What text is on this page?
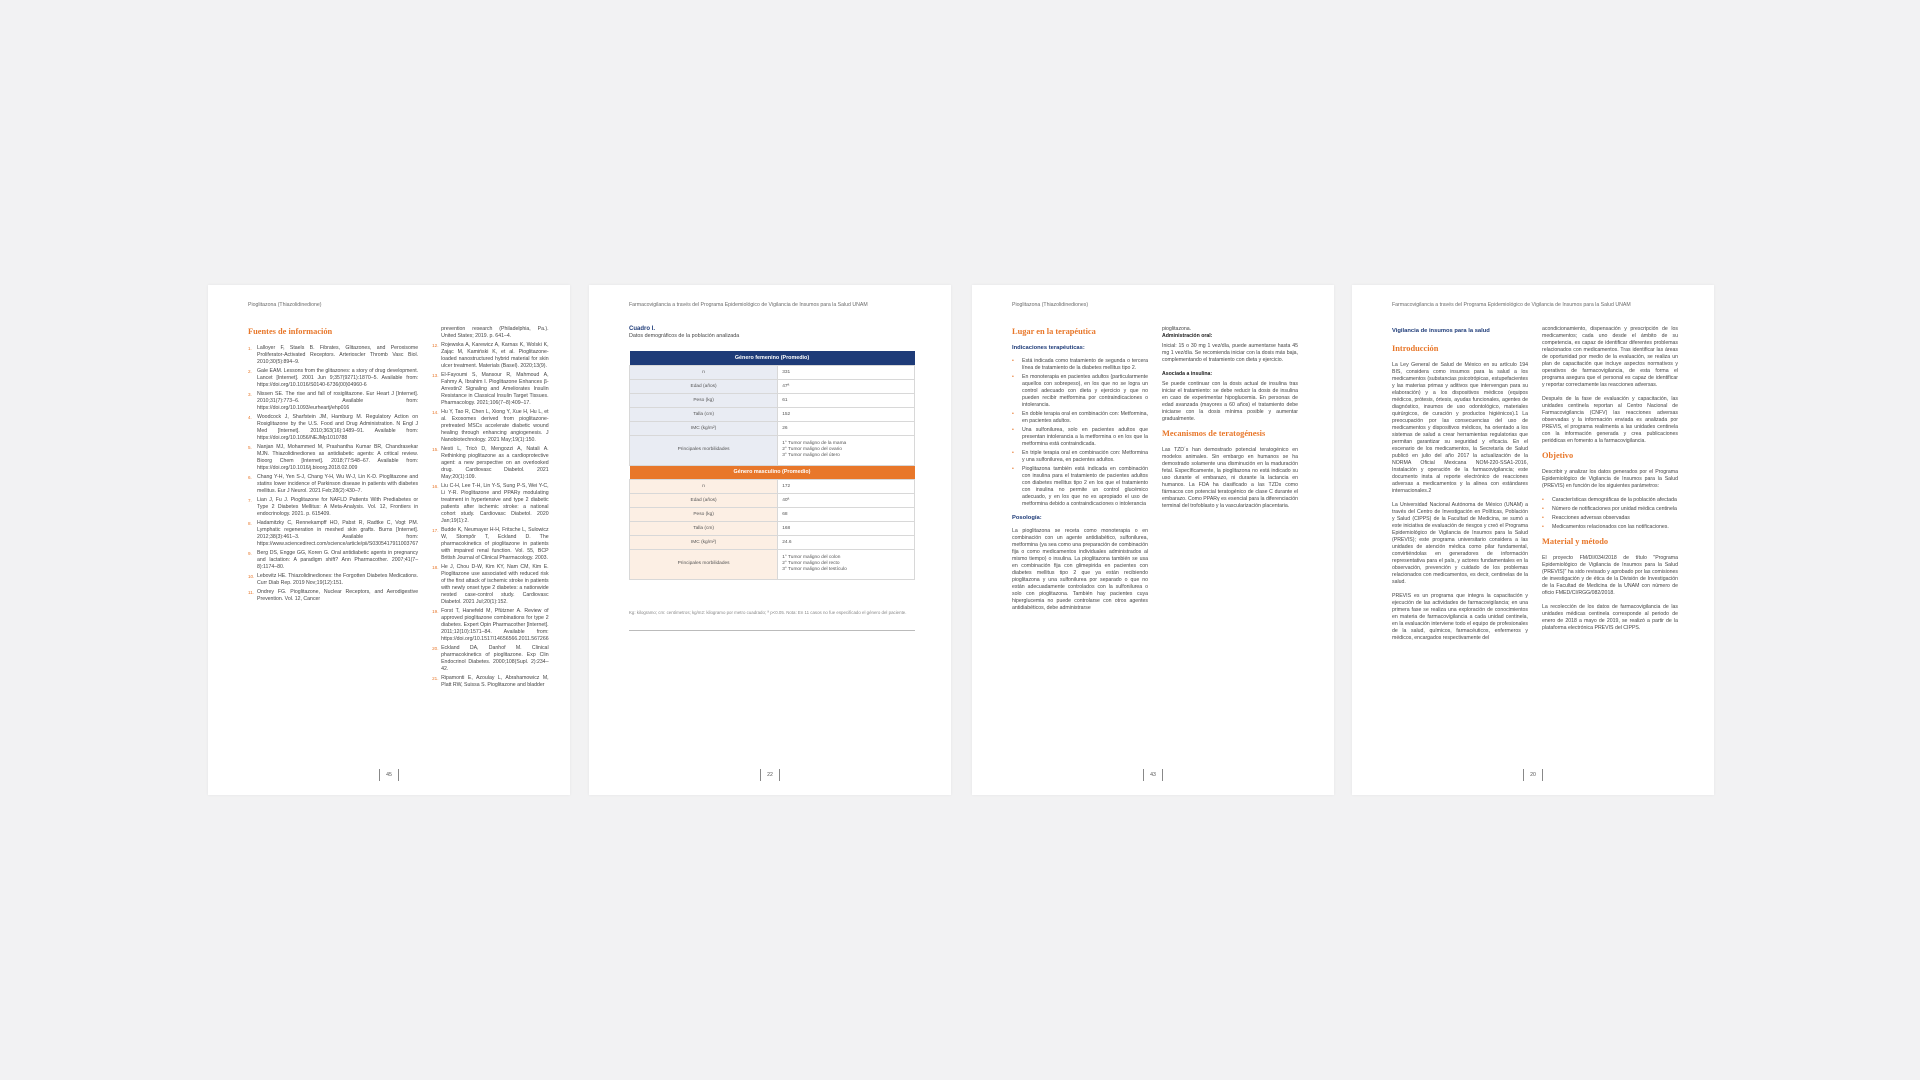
Pioglitazona (Thiazolidinedione)
Fuentes de información
1. Lalloyer F, Staels B. Fibrates, Glitazones, and Peroxisome Proliferator-Activated Receptors. Arterioscler Thromb Vasc Biol. 2010;30(5):894–9.
2. Gale EAM. Lessons from the glitazones: a story of drug development. Lancet [Internet]. 2001 Jun 9;357(9271):1870–5. Available from: https://doi.org/10.1016/S0140-6736(00)04960-6
3. Nissen SE. The rise and fall of rosiglitazone. Eur Heart J [Internet]. 2010;31(7):773–6. Available from: https://doi.org/10.1093/eurheartj/ehp016
4. Woodcock J, Sharfstein JM, Hamburg M. Regulatory Action on Rosiglitazone by the U.S. Food and Drug Administration. N Engl J Med [Internet]. 2010;363(16):1489–91. Available from: https://doi.org/10.1056/NEJMp1010788
5. Nanjan MJ, Mohammed M, Prashantha Kumar BR, Chandrasekar MJN. Thiazolidinediones as antidiabetic agents: A critical review. Bioorg Chem [Internet]. 2018;77:548–67. Available from: https://doi.org/10.1016/j.bioorg.2018.02.009
6. Chang Y-H, Yen S-J, Chang Y-H, Wu W-J, Lin K-D. Pioglitazone and statins lower incidence of Parkinson disease in patients with diabetes mellitus. Eur J Neurol. 2021 Feb;28(2):430–7.
7. Lian J, Fu J. Pioglitazone for NAFLD Patients With Prediabetes or Type 2 Diabetes Mellitus: A Meta-Analysis. Vol. 12, Frontiers in endocrinology. 2021. p. 615409.
8. Hadamitzky C, Rennekampff HO, Pabst R, Radtke C, Vogt PM. Lymphatic regeneration in meshed skin grafts. Burns [Internet]. 2012;38(3):461–3. Available from: https://www.sciencedirect.com/science/article/pii/S0305417911003767
9. Berg DS, Engge GG, Koren G. Oral antidiabetic agents in pregnancy and lactation: A paradigm shift? Ann Pharmacother. 2007;41(7–8):1174–80.
10. Lebovitz HE. Thiazolidinediones: the Forgotten Diabetes Medications. Curr Diab Rep. 2019 Nov;19(12):151.
11. Ondrey FG. Pioglitazone, Nuclear Receptors, and Aerodigestive Prevention. Vol. 12, Cancer
prevention research (Philadelphia, Pa.). United States; 2019. p. 641–4.
12. Rojewska A, Karewicz A, Karnas K, Wolski K, Zając M, Kamiński K, et al. Pioglitazone-loaded nanostructured hybrid material for skin ulcer treatment. Materials (Basel). 2020;13(9).
13. El-Fayoumi S, Mansour R, Mahmoud A, Fahmy A, Ibrahim I. Pioglitazone Enhances β-Arrestin2 Signaling and Ameliorates Insulin Resistance in Classical Insulin Target Tissues. Pharmacology. 2021;106(7–8):409–17.
14. Hu Y, Tao R, Chen L, Xiong Y, Xue H, Hu L, et al. Exosomes derived from pioglitazone-pretreated MSCs accelerate diabetic wound healing through enhancing angiogenesis. J Nanobiotechnology. 2021 May;19(1):150.
15. Nesti L, Tricò D, Mengozzi A, Natali A. Rethinking pioglitazone as a cardioprotective agent: a new perspective on an overlooked drug. Cardiovasc Diabetol. 2021 May;20(1):109.
16. Liu C-H, Lee T-H, Lin Y-S, Sung P-S, Wei Y-C, Li Y-R. Pioglitazone and PPARγ modulating treatment in hypertensive and type 2 diabetic patients after ischemic stroke: a national cohort study. Cardiovasc Diabetol. 2020 Jan;19(1):2.
17. Budde K, Neumayer H-H, Fritsche L, Sulowicz W, Stompôr T, Eckland D. The pharmacokinetics of pioglitazone in patients with impaired renal function. Vol. 55, BCP British Journal of Clinical Pharmacology. 2003.
18. He J, Chou D-W, Kim KY, Nam CM, Kim E. Pioglitazone use associated with reduced risk of the first attack of ischemic stroke in patients with newly onset type 2 diabetes: a nationwide nested case-control study. Cardiovasc Diabetol. 2021 Jul;20(1):152.
19. Forst T, Hanefeld M, Pfützner A. Review of approved pioglitazone combinations for type 2 diabetes. Expert Opin Pharmacother [Internet]. 2011;12(10):1571–84. Available from: https://doi.org/10.1517/14656566.2011.567266
20. Eckland DA, Danhof M. Clinical pharmacokinetics of pioglitazone. Exp Clin Endocrinol Diabetes. 2000;108(Supl. 2):234–42.
21. Ripamonti E, Azoulay L, Abrahamowicz M, Platt RW, Suissa S. Pioglitazone and bladder
45
Farmacovigilancia a través del Programa Epidemiológico de Vigilancia de Insumos para la Salud UNAM
Cuadro I.
Datos demográficos de la población analizada
Género femenino (Promedio)	
n	331
Edad (años)	47ª
Peso (kg)	61
Talla (cm)	152
IMC (kg/m²)	26
Principales morbilidades	1° Tumor maligno de la mama
2° Tumor maligno del ovario
3° Tumor maligno del útero
Género masculino (Promedio)	
n	172
Edad (años)	40ª
Peso (kg)	68
Talla (cm)	168
IMC (kg/m²)	24.6
Principales morbilidades	1° Tumor maligno del colon
2° Tumor maligno del recto
3° Tumor maligno del testículo
Kg: kilogramo; cm: centímetros; kg/m2: kilogramo por metro cuadrado; ª p<0.05. Nota: En 11 casos no fue especificado el género del paciente.
22
Pioglitazona (Thiazolidinediones)
Lugar en la terapéutica
Indicaciones terapéuticas:
•	Está indicada como tratamiento de segunda o tercera línea de tratamiento de la diabetes mellitus tipo 2.
•	En monoterapia en pacientes adultos (particularmente aquellos con sobrepeso), en los que no se logra un control adecuado con dieta y ejercicio y que no pueden recibir metformina por contraindicaciones o intolerancia.
•	En doble terapia oral en combinación con: Metformina, en pacientes adultos.
•	Una sulfonilurea, solo en pacientes adultos que presentan intolerancia a la metformina o en los que la metformina está contraindicada.
•	En triple terapia oral en combinación con: Metformina y una sulfonilurea, en pacientes adultos.
•	Pioglitazona también está indicada en combinación con insulina para el tratamiento de pacientes adultos con diabetes mellitus tipo 2 en los que el tratamiento con insulina no permite un control glucémico adecuado, y en los que no es apropiado el uso de metformina debido a contraindicaciones o intolerancia
Posología:
La pioglitazona se receta como monoterapia o en combinación con un agente antidiabético, sulfonilurea, metformina (ya sea como una preparación de combinación fija o como medicamentos individuales administrados al mismo tiempo) o insulina. La pioglitazona también se usa en combinación fija con glimepirida en pacientes con diabetes mellitus tipo 2 que ya están recibiendo pioglitazona y una sulfonilurea por separado o que no están adecuadamente controlados con la sulfonilurea o solo con pioglitazona. También hay pacientes cuya hiperglucemia no puede controlarse con otros agentes antidiabéticos, debe administrarse
pioglitazona.
Administración oral:
Inicial: 15 o 30 mg 1 vez/día, puede aumentarse hasta 45 mg 1 vez/día. Se recomienda iniciar con la dosis más baja, complementando el tratamiento con dieta y ejercicio.
Asociada a insulina:
Se puede continuar con la dosis actual de insulina tras iniciar el tratamiento: se debe reducir la dosis de insulina en caso de experimentar hipoglucemia. En personas de edad avanzada (mayores a 60 años) el tratamiento debe iniciarse con la dosis mínima posible y aumentar gradualmente.
Mecanismos de teratogénesis
Las TZD´s han demostrado potencial teratogénico en modelos animales. Sin embargo en humanos se ha demostrado solamente una disminución en la maduración fetal. Específicamente, la pioglitazona no está indicado su uso durante el embarazo, ni durante la lactancia en humanos. La FDA ha clasificado a las TZDs como fármacos con potencial teratogénico de clase C durante el embarazo. Como PPARγ es esencial para la diferenciación terminal del trofoblasto y la vascularización placentaria.
43
Farmacovigilancia a través del Programa Epidemiológico de Vigilancia de Insumos para la Salud UNAM
Vigilancia de insumos para la salud
Introducción
La Ley General de Salud de México en su artículo 194 BIS, considera como insumos para la salud a los medicamentos (substancias psicotrópicas, estupefacientes y las materias primas y aditivos que intervengan para su elaboración) y a los dispositivos médicos (equipos médicos, prótesis, órtesis, ayudas funcionales, agentes de diagnóstico, insumos de uso odontológico, materiales quirúrgicos, de curación y productos higiénicos).1 La preocupación por las consecuencias del uso de medicamentos y dispositivos médicos, ha orientado a los sistemas de salud a crear herramientas regulatorias que permitan garantizar su seguridad y eficacia. En el escenario de los medicamentos, la Secretaría de Salud publicó en julio del año 2017 la actualización de la NORMA Oficial Mexicana NOM-220-SSA1-2016, Instalación y operación de la farmacovigilancia; este documento insta al reporte electrónico de reacciones adversas a medicamentos y la alinea con estándares internacionales.2
La Universidad Nacional Autónoma de México (UNAM) a través del Centro de Investigación en Políticas, Población y Salud (CIPPS) de la Facultad de Medicina, se sumó a este iniciativa de evaluación de riesgos y creó el Programa Epidemiológico de Vigilancia de Insumos para la Salud (PREVIS); este programa universitario considera a las unidades de atención médica como pilar fundamental, convirtiéndolas en generadores de información representativa para el país, y actores fundamentales en la observación, prevención y cuidado de los problemas relacionados con medicamentos, es decir, centinelas de la salud.
PREVIS es un programa que integra la capacitación y ejecución de las actividades de farmacovigilancia; en una primera fase se realiza una exploración de conocimientos en materia de farmacovigilancia a cada unidad centinela, en la evaluación interviene todo el equipo de profesionales de la salud, químicos, farmacéuticos, enfermeros y médicos, encargados respectivamente del
acondicionamiento, dispensación y prescripción de los medicamentos; cada uno desde el ámbito de su competencia, es capaz de identificar diferentes problemas relacionados con medicamentos. Tras identificar las áreas de oportunidad por medio de la evaluación, se realiza un plan de capacitación que incluye aspectos normativos y operativos de farmacovigilancia, de esta forma el programa asegura que el personal es capaz de identificar y reportar correctamente las reacciones adversas.
Después de la fase de evaluación y capacitación, las unidades centinela reportan al Centro Nacional de Farmacovigilancia (CNFV) las reacciones adversas observadas y la información enviada es analizada por PREVIS, el programa realimenta a las unidades centinela con la información generada y crea publicaciones periódicas en fomento a la farmacovigilancia.
Objetivo
Describir y analizar los datos generados por el Programa Epidemiológico de Vigilancia de Insumos para la Salud (PREVIS) en función de los siguientes parámetros:
•	Características demográficas de la población afectada
•	Número de notificaciones por unidad médica centinela
•	Reacciones adversas observadas
•	Medicamentos relacionados con las notificaciones.
Material y método
El proyecto FM/DI/034/2018 de título "Programa Epidemiológico de Vigilancia de Insumos para la Salud (PREVIS)" ha sido revisado y aprobado por las comisiones de investigación y de ética de la División de Investigación de la Facultad de Medicina de la UNAM con número de oficio FMED/CI/RGG/082/2018.
La recolección de los datos de farmacovigilancia de las unidades médicas centinela corresponde al periodo de enero de 2018 a mayo de 2019, se realizó a partir de la plataforma electrónica PREVIS del CIPPS.
20
